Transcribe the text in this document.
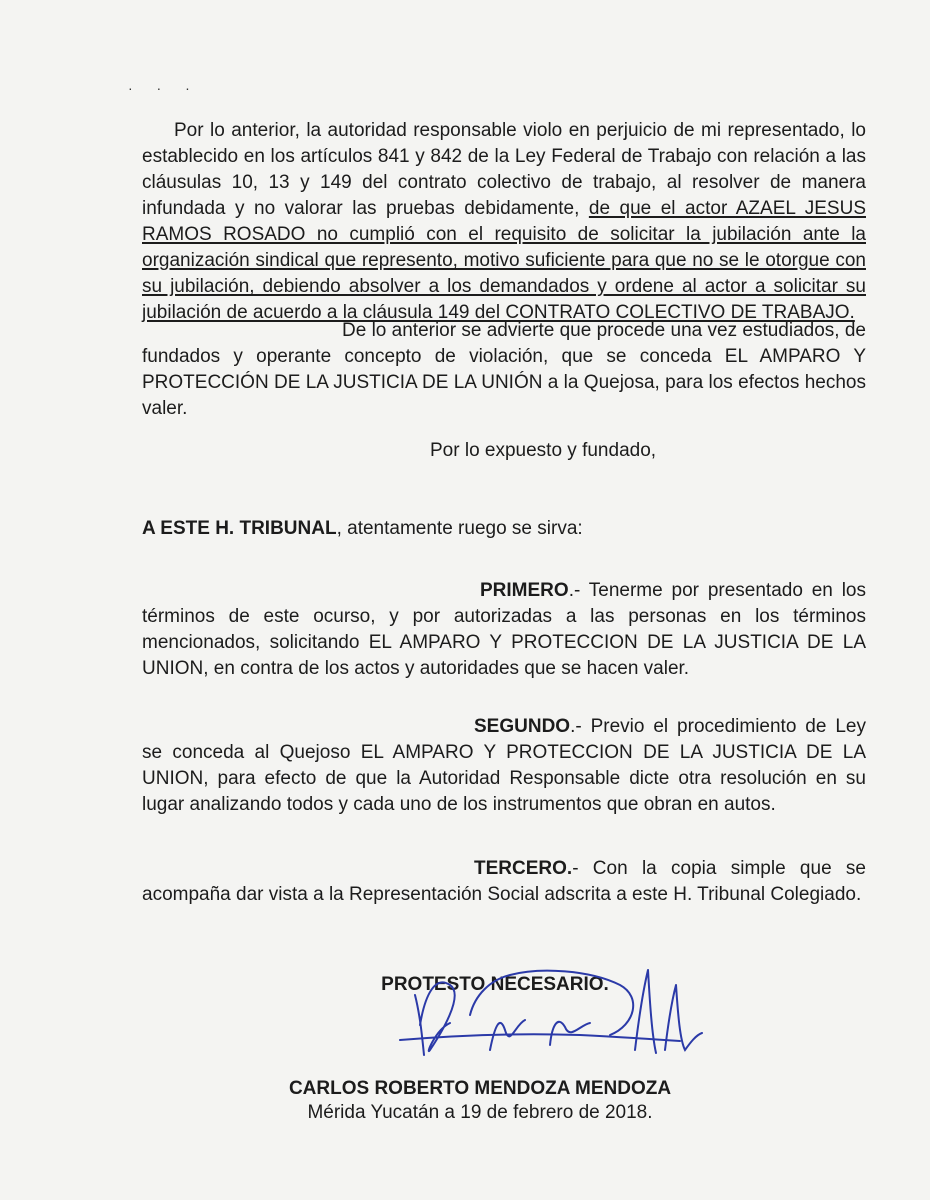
· · ·
Por lo anterior, la autoridad responsable violo en perjuicio de mi representado, lo establecido en los artículos 841 y 842 de la Ley Federal de Trabajo con relación a las cláusulas 10, 13 y 149 del contrato colectivo de trabajo, al resolver de manera infundada y no valorar las pruebas debidamente, de que el actor AZAEL JESUS RAMOS ROSADO no cumplió con el requisito de solicitar la jubilación ante la organización sindical que represento, motivo suficiente para que no se le otorgue con su jubilación, debiendo absolver a los demandados y ordene al actor a solicitar su jubilación de acuerdo a la cláusula 149 del CONTRATO COLECTIVO DE TRABAJO.
De lo anterior se advierte que procede una vez estudiados, de fundados y operante concepto de violación, que se conceda EL AMPARO Y PROTECCIÓN DE LA JUSTICIA DE LA UNIÓN a la Quejosa, para los efectos hechos valer.
Por lo expuesto y fundado,
A ESTE H. TRIBUNAL, atentamente ruego se sirva:
PRIMERO.- Tenerme por presentado en los términos de este ocurso, y por autorizadas a las personas en los términos mencionados, solicitando EL AMPARO Y PROTECCION DE LA JUSTICIA DE LA UNION, en contra de los actos y autoridades que se hacen valer.
SEGUNDO.- Previo el procedimiento de Ley se conceda al Quejoso EL AMPARO Y PROTECCION DE LA JUSTICIA DE LA UNION, para efecto de que la Autoridad Responsable dicte otra resolución en su lugar analizando todos y cada uno de los instrumentos que obran en autos.
TERCERO.- Con la copia simple que se acompaña dar vista a la Representación Social adscrita a este H. Tribunal Colegiado.
PROTESTO NECESARIO.
CARLOS ROBERTO MENDOZA MENDOZA
Mérida Yucatán a 19 de febrero de 2018.
